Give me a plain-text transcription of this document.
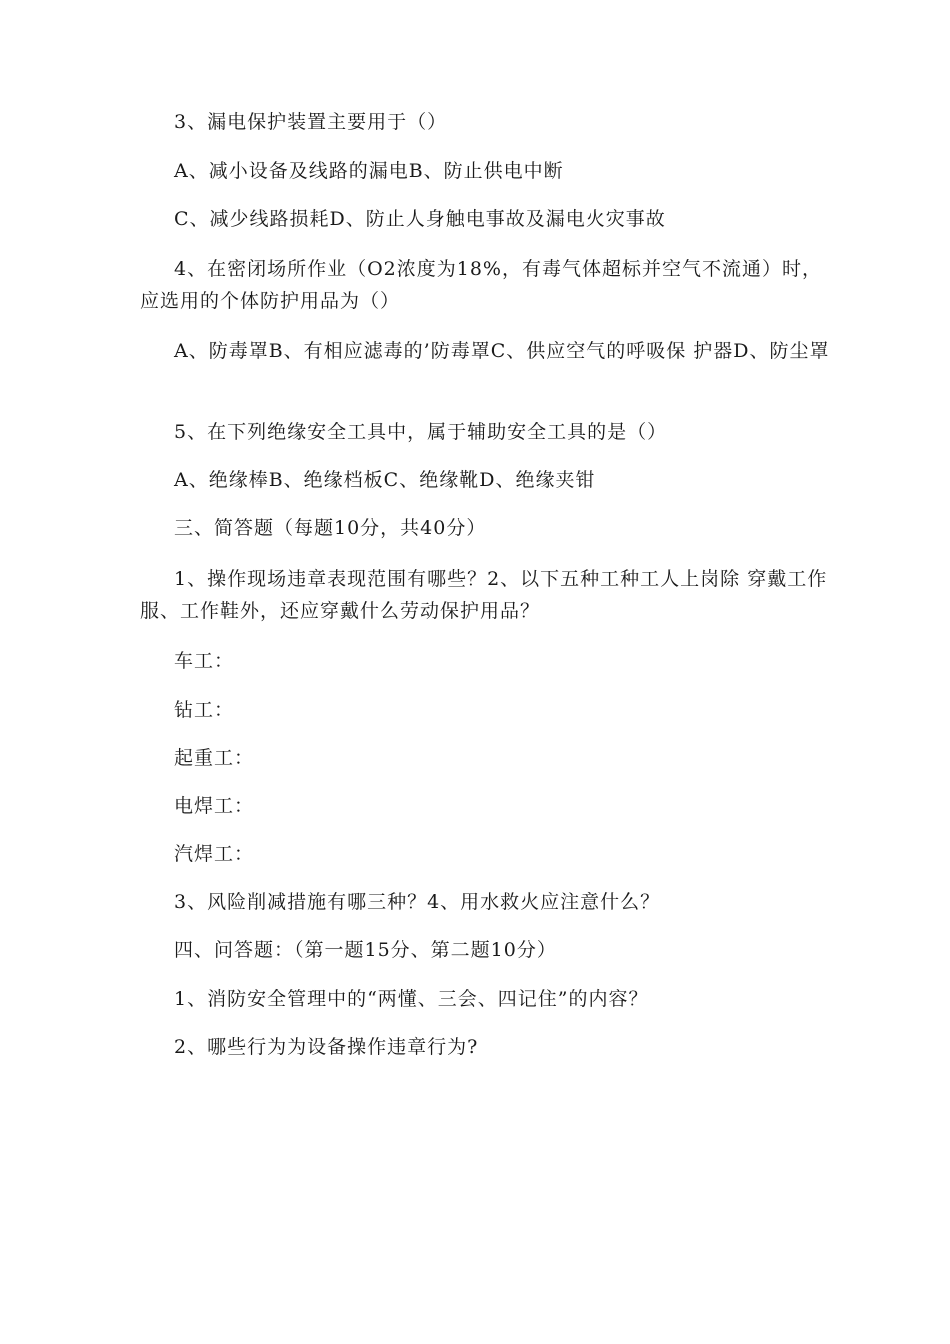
3、漏电保护装置主要用于（）
A、减小设备及线路的漏电B、防止供电中断
C、减少线路损耗D、防止人身触电事故及漏电火灾事故
4、在密闭场所作业（O2浓度为18%，有毒气体超标并空气不流通）时，应选用的个体防护用品为（）
A、防毒罩B、有相应滤毒的’防毒罩C、供应空气的呼吸保 护器D、防尘罩
5、在下列绝缘安全工具中，属于辅助安全工具的是（）
A、绝缘棒B、绝缘档板C、绝缘靴D、绝缘夹钳
三、简答题（每题10分，共40分）
1、操作现场违章表现范围有哪些？2、以下五种工种工人上岗除 穿戴工作服、工作鞋外，还应穿戴什么劳动保护用品？
车工：
钻工：
起重工：
电焊工：
汽焊工：
3、风险削减措施有哪三种？4、用水救火应注意什么？
四、问答题：（第一题15分、第二题10分）
1、消防安全管理中的“两懂、三会、四记住”的内容？
2、哪些行为为设备操作违章行为?
